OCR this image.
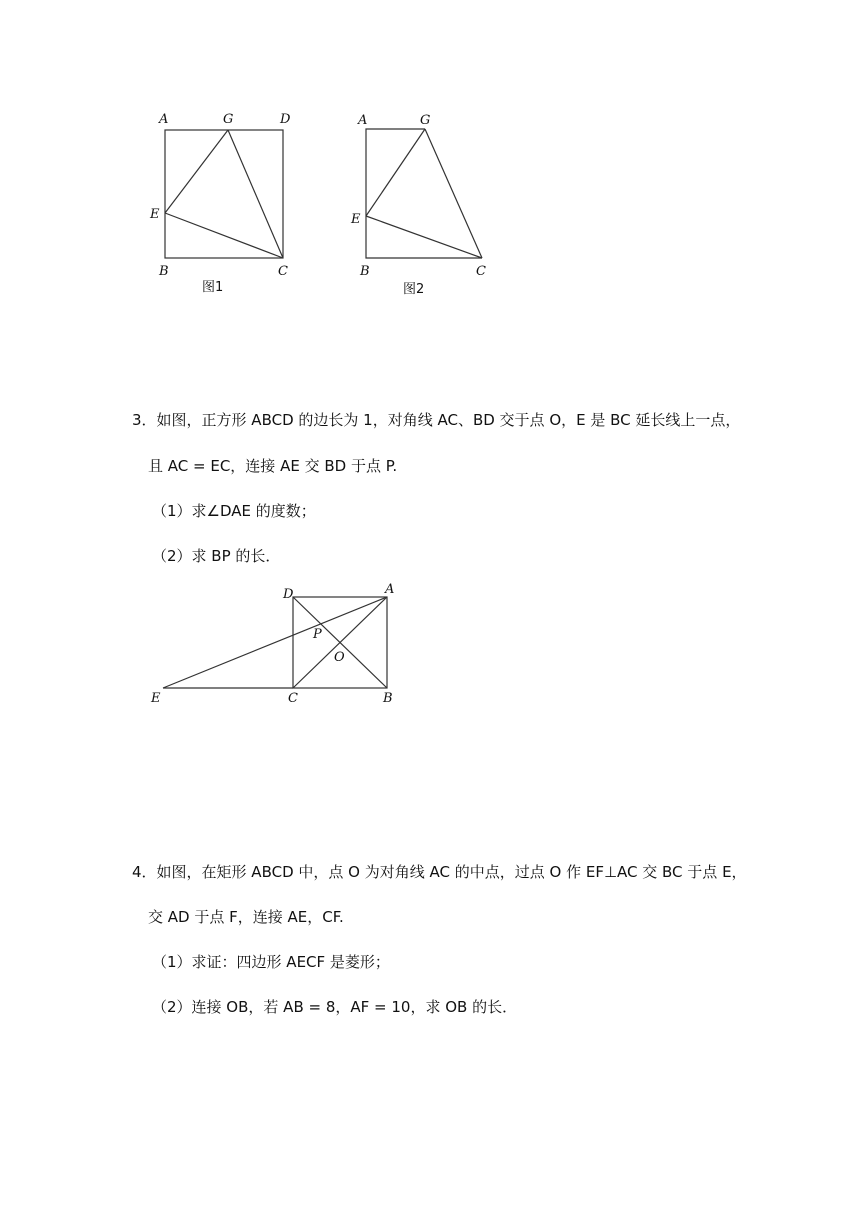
A	G	D
E
B	C
图1
A	G
E
B	C
图2
3．如图，正方形 ABCD 的边长为 1，对角线 AC、BD 交于点 O，E 是 BC 延长线上一点，
且 AC = EC，连接 AE 交 BD 于点 P.
（1）求∠DAE 的度数；
（2）求 BP 的长．
D	A
P
O
E	C	B
4．如图，在矩形 ABCD 中，点 O 为对角线 AC 的中点，过点 O 作 EF⊥AC 交 BC 于点 E，
交 AD 于点 F，连接 AE，CF.
（1）求证：四边形 AECF 是菱形；
（2）连接 OB，若 AB = 8，AF = 10，求 OB 的长．
